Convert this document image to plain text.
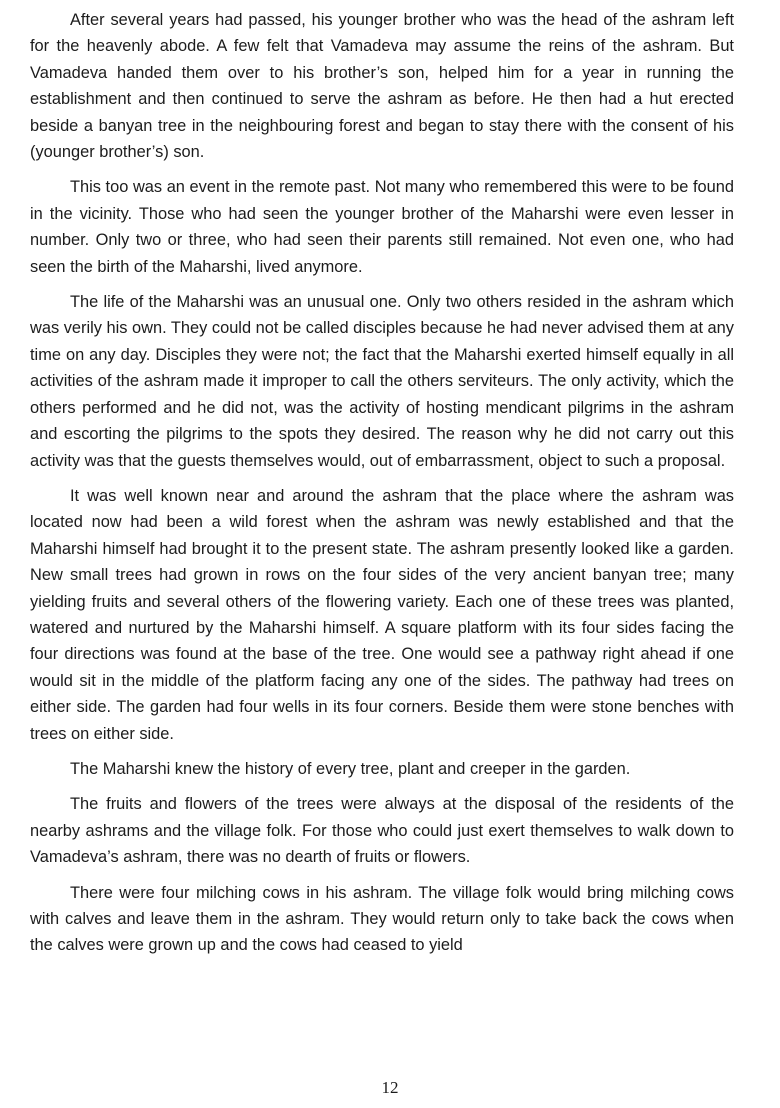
After several years had passed, his younger brother who was the head of the ashram left for the heavenly abode. A few felt that Vamadeva may assume the reins of the ashram. But Vamadeva handed them over to his brother’s son, helped him for a year in running the establishment and then continued to serve the ashram as before. He then had a hut erected beside a banyan tree in the neighbouring forest and began to stay there with the consent of his (younger brother’s) son.

This too was an event in the remote past. Not many who remembered this were to be found in the vicinity. Those who had seen the younger brother of the Maharshi were even lesser in number. Only two or three, who had seen their parents still remained. Not even one, who had seen the birth of the Maharshi, lived anymore.

The life of the Maharshi was an unusual one. Only two others resided in the ashram which was verily his own. They could not be called disciples because he had never advised them at any time on any day. Disciples they were not; the fact that the Maharshi exerted himself equally in all activities of the ashram made it improper to call the others serviteurs. The only activity, which the others performed and he did not, was the activity of hosting mendicant pilgrims in the ashram and escorting the pilgrims to the spots they desired. The reason why he did not carry out this activity was that the guests themselves would, out of embarrassment, object to such a proposal.

It was well known near and around the ashram that the place where the ashram was located now had been a wild forest when the ashram was newly established and that the Maharshi himself had brought it to the present state. The ashram presently looked like a garden. New small trees had grown in rows on the four sides of the very ancient banyan tree; many yielding fruits and several others of the flowering variety. Each one of these trees was planted, watered and nurtured by the Maharshi himself. A square platform with its four sides facing the four directions was found at the base of the tree. One would see a pathway right ahead if one would sit in the middle of the platform facing any one of the sides. The pathway had trees on either side. The garden had four wells in its four corners. Beside them were stone benches with trees on either side.

The Maharshi knew the history of every tree, plant and creeper in the garden.

The fruits and flowers of the trees were always at the disposal of the residents of the nearby ashrams and the village folk. For those who could just exert themselves to walk down to Vamadeva’s ashram, there was no dearth of fruits or flowers.

There were four milching cows in his ashram. The village folk would bring milching cows with calves and leave them in the ashram. They would return only to take back the cows when the calves were grown up and the cows had ceased to yield

12
